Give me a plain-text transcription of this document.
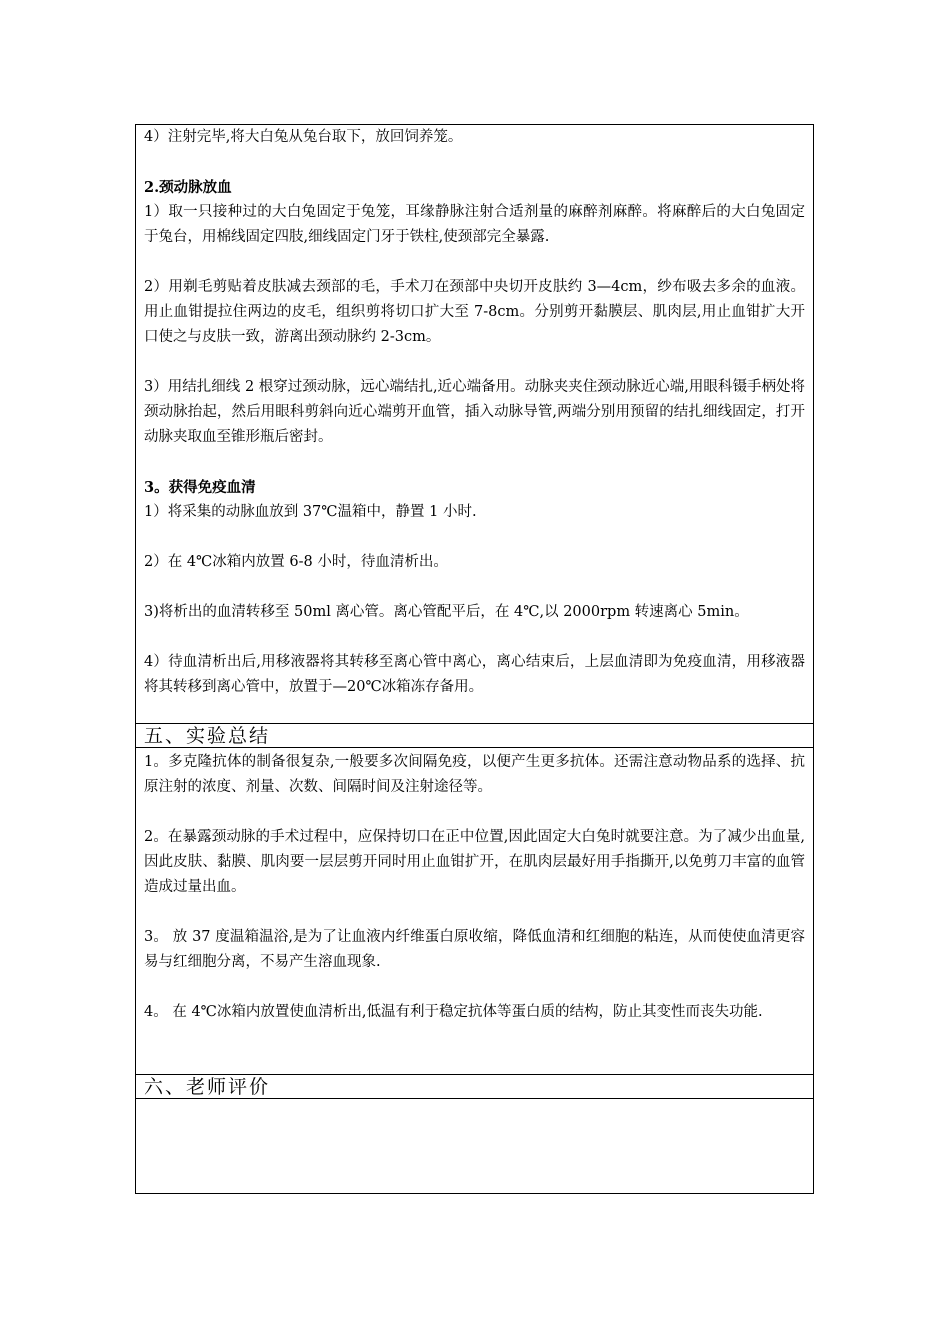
4）注射完毕,将大白兔从兔台取下，放回饲养笼。

2.颈动脉放血

1）取一只接种过的大白兔固定于兔笼，耳缘静脉注射合适剂量的麻醉剂麻醉。将麻醉后的大白兔固定于兔台，用棉线固定四肢,细线固定门牙于铁柱,使颈部完全暴露.

2）用剃毛剪贴着皮肤减去颈部的毛，手术刀在颈部中央切开皮肤约 3—4cm，纱布吸去多余的血液。用止血钳提拉住两边的皮毛，组织剪将切口扩大至 7-8cm。分别剪开黏膜层、肌肉层,用止血钳扩大开口使之与皮肤一致，游离出颈动脉约 2-3cm。

3）用结扎细线 2 根穿过颈动脉，远心端结扎,近心端备用。动脉夹夹住颈动脉近心端,用眼科镊手柄处将颈动脉抬起，然后用眼科剪斜向近心端剪开血管，插入动脉导管,两端分别用预留的结扎细线固定，打开动脉夹取血至锥形瓶后密封。

3。获得免疫血清

1）将采集的动脉血放到 37℃温箱中，静置 1 小时.

2）在 4℃冰箱内放置 6-8 小时，待血清析出。

3)将析出的血清转移至 50ml 离心管。离心管配平后，在 4℃,以 2000rpm 转速离心 5min。

4）待血清析出后,用移液器将其转移至离心管中离心，离心结束后，上层血清即为免疫血清，用移液器将其转移到离心管中，放置于—20℃冰箱冻存备用。

五、实验总结

1。多克隆抗体的制备很复杂,一般要多次间隔免疫，以便产生更多抗体。还需注意动物品系的选择、抗原注射的浓度、剂量、次数、间隔时间及注射途径等。

2。在暴露颈动脉的手术过程中，应保持切口在正中位置,因此固定大白兔时就要注意。为了减少出血量,因此皮肤、黏膜、肌肉要一层层剪开同时用止血钳扩开，在肌肉层最好用手指撕开,以免剪刀丰富的血管造成过量出血。

3。 放 37 度温箱温浴,是为了让血液内纤维蛋白原收缩，降低血清和红细胞的粘连，从而使使血清更容易与红细胞分离，不易产生溶血现象.

4。 在 4℃冰箱内放置使血清析出,低温有利于稳定抗体等蛋白质的结构，防止其变性而丧失功能.

六、老师评价
